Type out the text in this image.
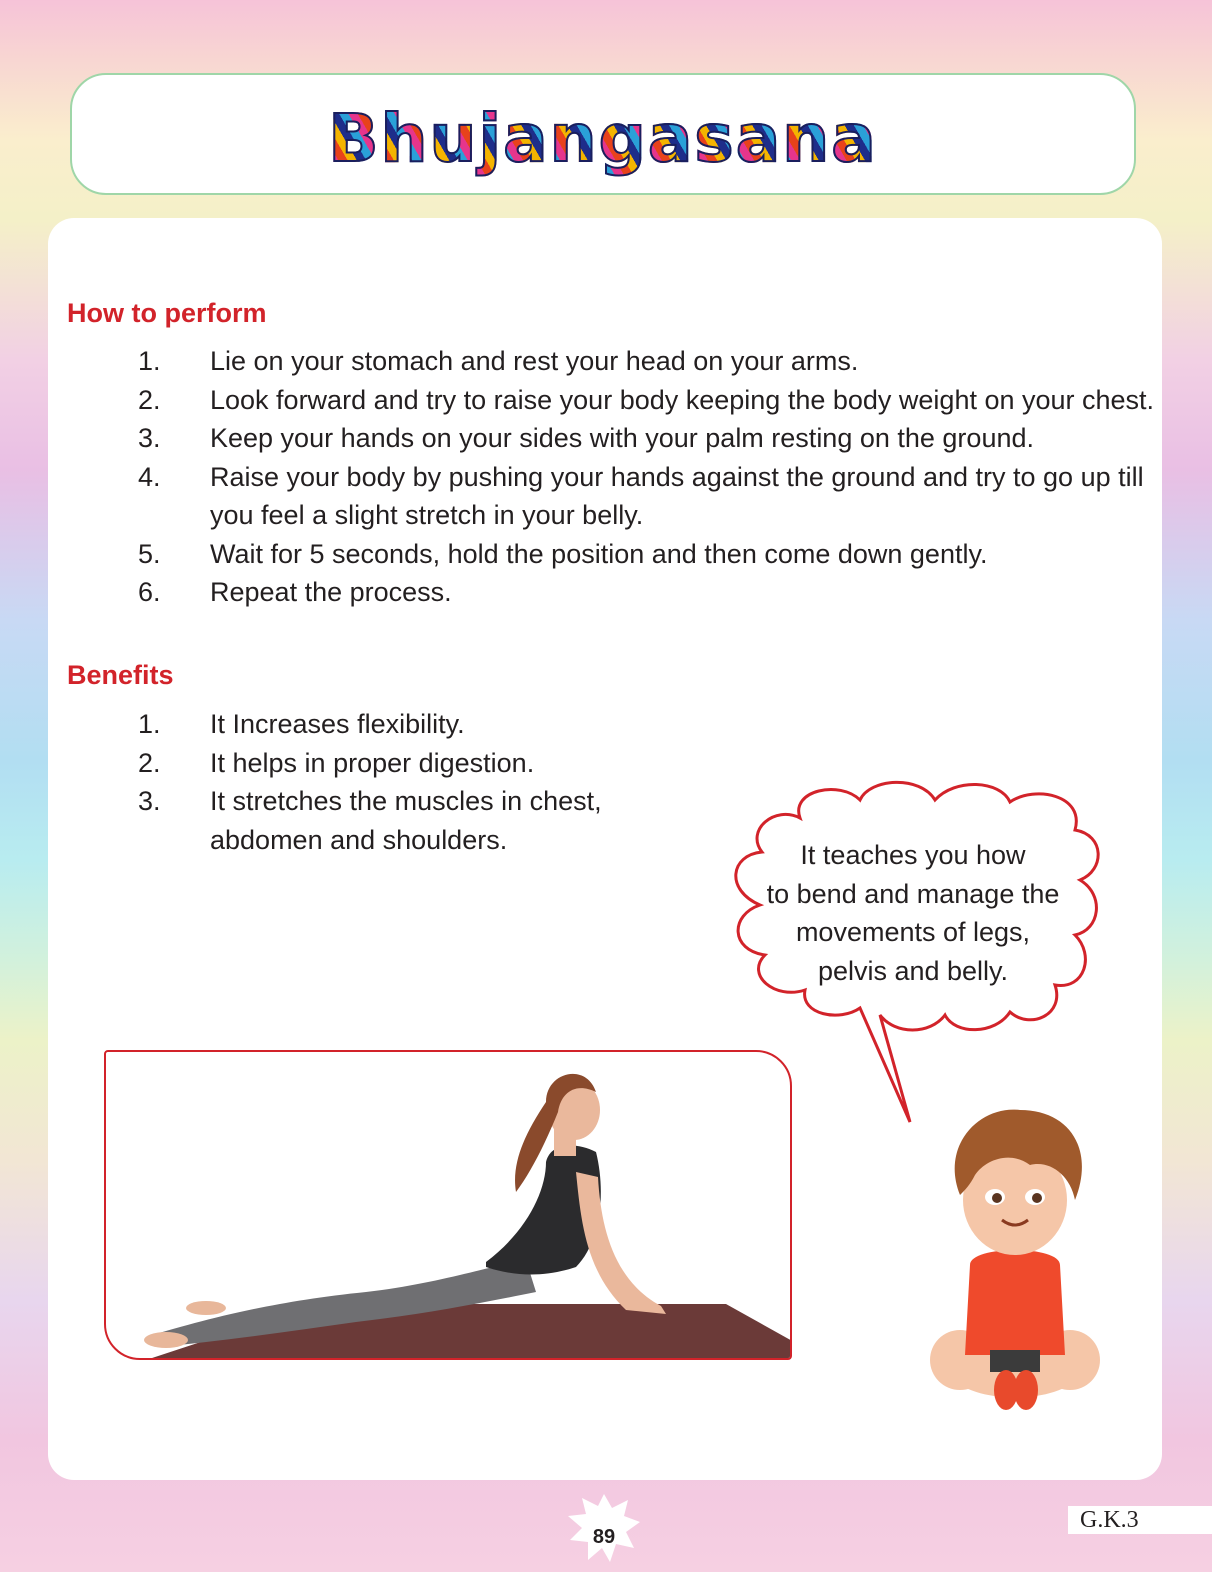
Bhujangasana
How to perform
1.	Lie on your stomach and rest your head on your arms.
2.	Look forward and try to raise your body keeping the body weight on your chest.
3.	Keep your hands on your sides with your palm resting on the ground.
4.	Raise your body by pushing your hands against the ground and try to go up till you feel a slight stretch in your belly.
5.	Wait for 5 seconds, hold the position and then come down gently.
6.	Repeat the process.
Benefits
1.	It Increases flexibility.
2.	It helps in proper digestion.
3.	It stretches the muscles in chest,
abdomen and shoulders.
It teaches you how
to bend and manage the
movements of legs,
pelvis and belly.
89
G.K.3
